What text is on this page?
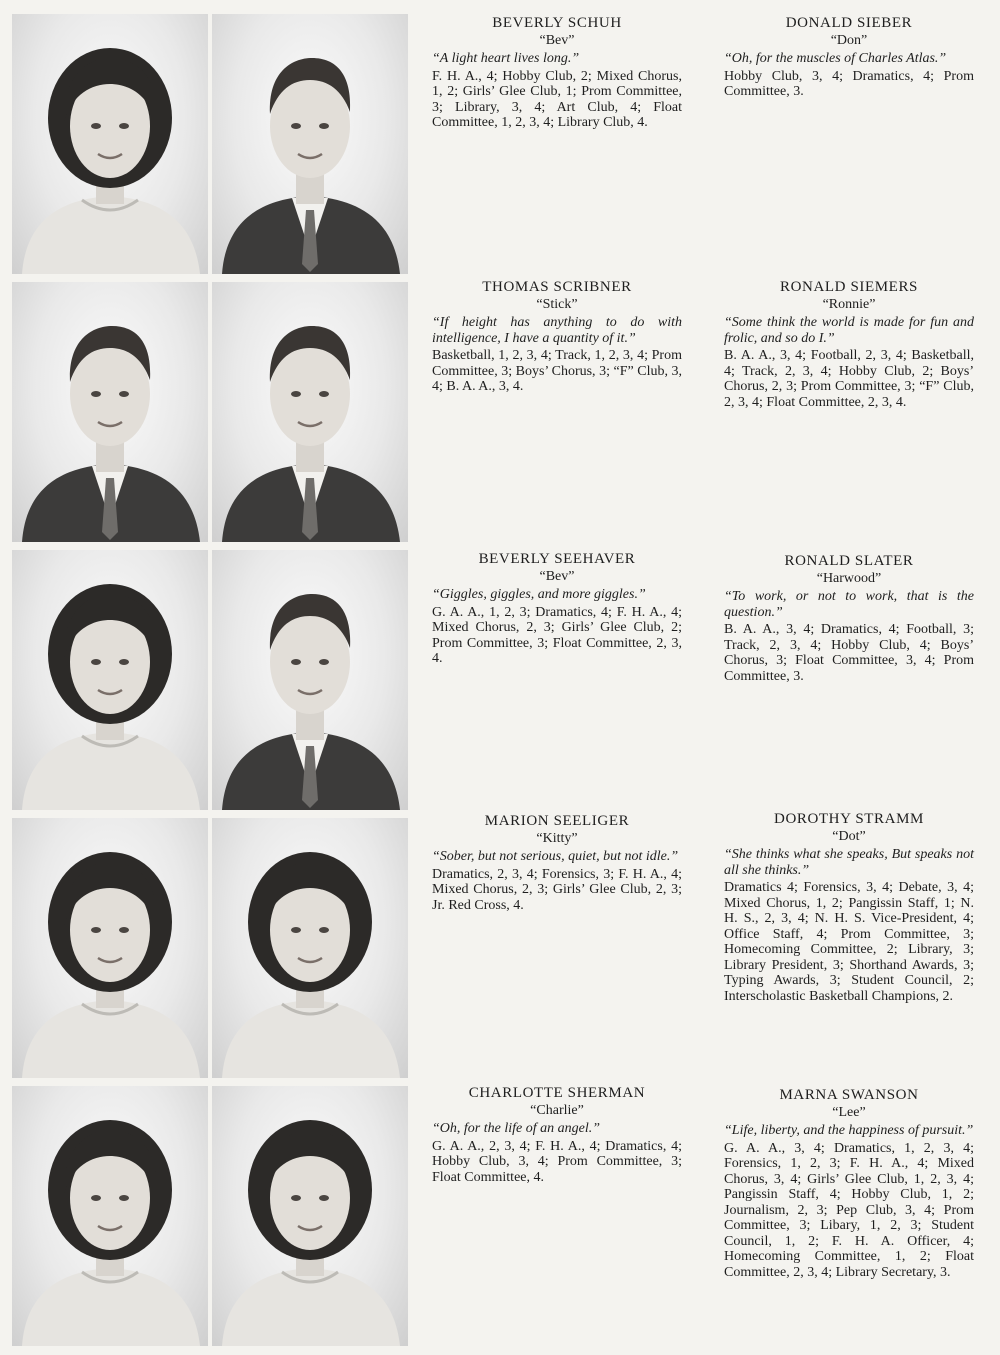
BEVERLY SCHUH

“Bev”

“A light heart lives long.”

F. H. A., 4; Hobby Club, 2; Mixed Chorus, 1, 2; Girls’ Glee Club, 1; Prom Committee, 3; Library, 3, 4; Art Club, 4; Float Committee, 1, 2, 3, 4; Library Club, 4.

THOMAS SCRIBNER

“Stick”

“If height has anything to do with intelligence, I have a quantity of it.”

Basketball, 1, 2, 3, 4; Track, 1, 2, 3, 4; Prom Committee, 3; Boys’ Chorus, 3; “F” Club, 3, 4; B. A. A., 3, 4.

BEVERLY SEEHAVER

“Bev”

“Giggles, giggles, and more giggles.”

G. A. A., 1, 2, 3; Dramatics, 4; F. H. A., 4; Mixed Chorus, 2, 3; Girls’ Glee Club, 2; Prom Committee, 3; Float Committee, 2, 3, 4.

MARION SEELIGER

“Kitty”

“Sober, but not serious, quiet, but not idle.”

Dramatics, 2, 3, 4; Forensics, 3; F. H. A., 4; Mixed Chorus, 2, 3; Girls’ Glee Club, 2, 3; Jr. Red Cross, 4.

CHARLOTTE SHERMAN

“Charlie”

“Oh, for the life of an angel.”

G. A. A., 2, 3, 4; F. H. A., 4; Dramatics, 4; Hobby Club, 3, 4; Prom Committee, 3; Float Committee, 4.

DONALD SIEBER

“Don”

“Oh, for the muscles of Charles Atlas.”

Hobby Club, 3, 4; Dramatics, 4; Prom Committee, 3.

RONALD SIEMERS

“Ronnie”

“Some think the world is made for fun and frolic, and so do I.”

B. A. A., 3, 4; Football, 2, 3, 4; Basketball, 4; Track, 2, 3, 4; Hobby Club, 2; Boys’ Chorus, 2, 3; Prom Committee, 3; “F” Club, 2, 3, 4; Float Committee, 2, 3, 4.

RONALD SLATER

“Harwood”

“To work, or not to work, that is the question.”

B. A. A., 3, 4; Dramatics, 4; Football, 3; Track, 2, 3, 4; Hobby Club, 4; Boys’ Chorus, 3; Float Committee, 3, 4; Prom Committee, 3.

DOROTHY STRAMM

“Dot”

“She thinks what she speaks, But speaks not all she thinks.”

Dramatics 4; Forensics, 3, 4; Debate, 3, 4; Mixed Chorus, 1, 2; Pangissin Staff, 1; N. H. S., 2, 3, 4; N. H. S. Vice-President, 4; Office Staff, 4; Prom Committee, 3; Homecoming Committee, 2; Library, 3; Library President, 3; Shorthand Awards, 3; Typing Awards, 3; Student Council, 2; Interscholastic Basketball Champions, 2.

MARNA SWANSON

“Lee”

“Life, liberty, and the happiness of pursuit.”

G. A. A., 3, 4; Dramatics, 1, 2, 3, 4; Forensics, 1, 2, 3; F. H. A., 4; Mixed Chorus, 3, 4; Girls’ Glee Club, 1, 2, 3, 4; Pangissin Staff, 4; Hobby Club, 1, 2; Journalism, 2, 3; Pep Club, 3, 4; Prom Committee, 3; Libary, 1, 2, 3; Student Council, 1, 2; F. H. A. Officer, 4; Homecoming Committee, 1, 2; Float Committee, 2, 3, 4; Library Secretary, 3.
